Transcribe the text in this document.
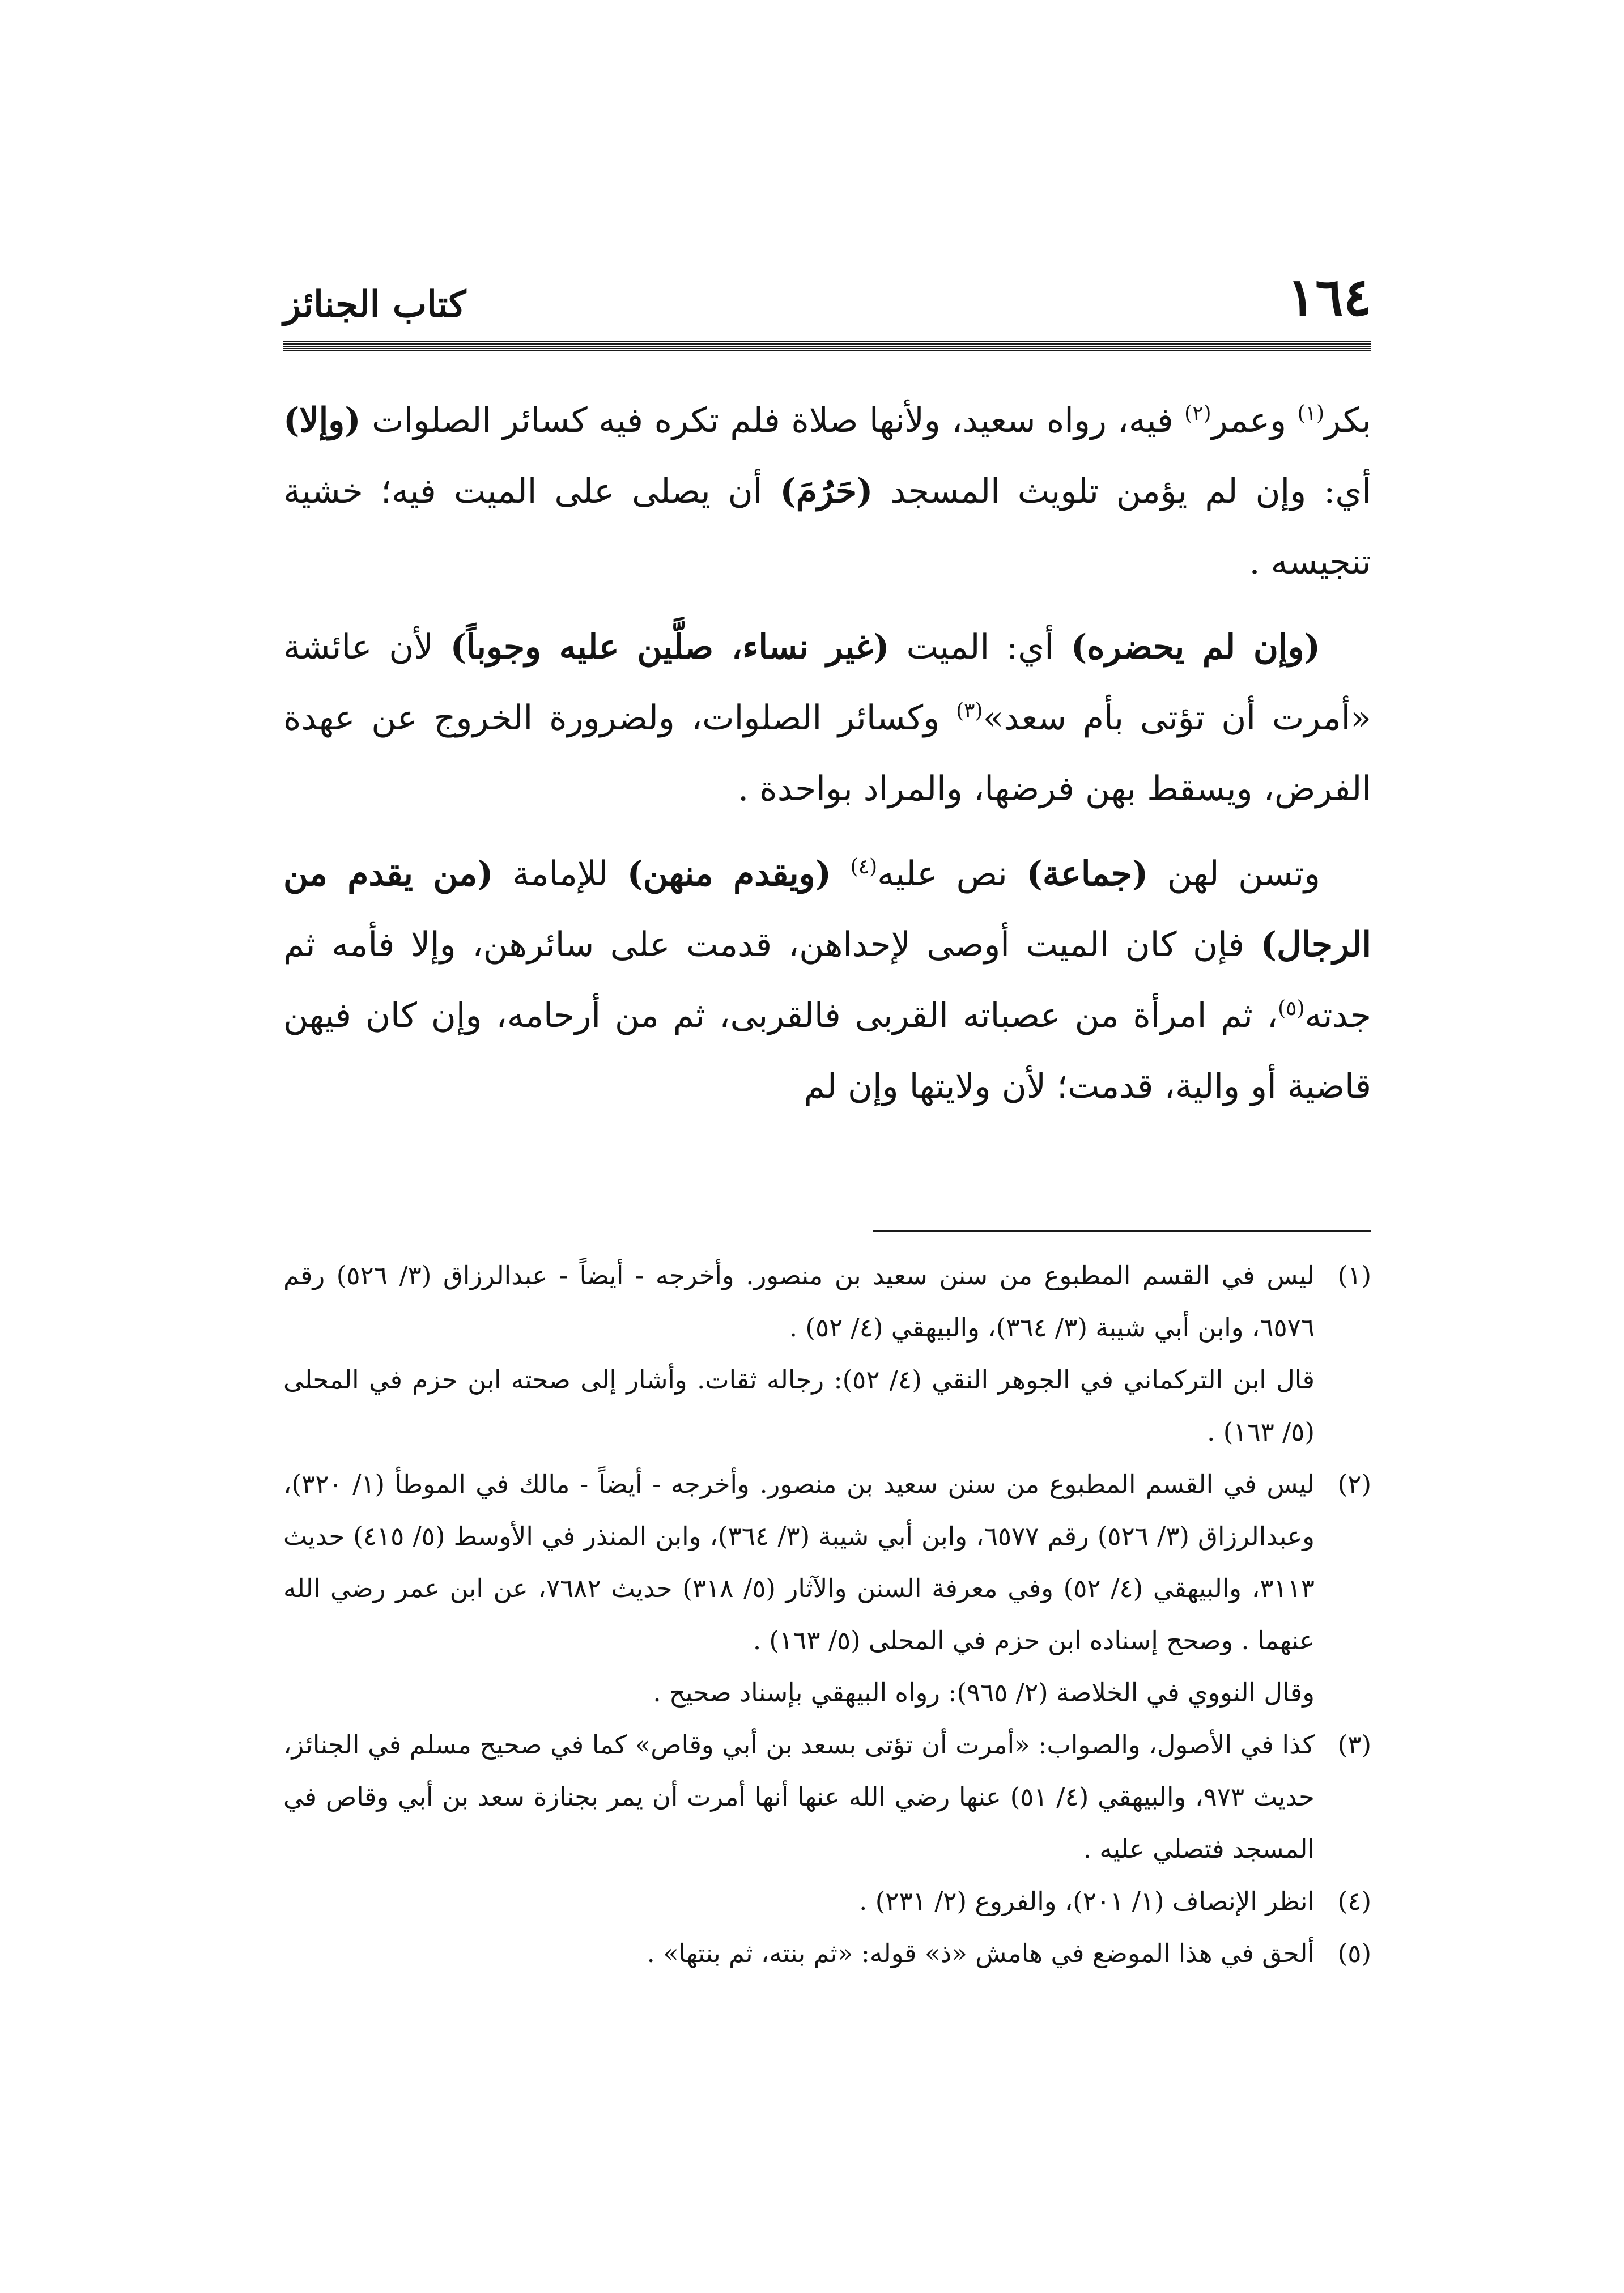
١٦٤
كتاب الجنائز

بكر$^{(١)}$ وعمر$^{(٢)}$ فيه، رواه سعيد، ولأنها صلاة فلم تكره فيه كسائر الصلوات (وإلا) أي: وإن لم يؤمن تلويث المسجد (حَرُمَ) أن يصلى على الميت فيه؛ خشية تنجيسه .

(وإن لم يحضره) أي: الميت (غير نساء، صلَّين عليه وجوباً) لأن عائشة «أمرت أن تؤتى بأم سعد»$^{(٣)}$ وكسائر الصلوات، ولضرورة الخروج عن عهدة الفرض، ويسقط بهن فرضها، والمراد بواحدة .

وتسن لهن (جماعة) نص عليه$^{(٤)}$ (ويقدم منهن) للإمامة (من يقدم من الرجال) فإن كان الميت أوصى لإحداهن، قدمت على سائرهن، وإلا فأمه ثم جدته$^{(٥)}$، ثم امرأة من عصباته القربى فالقربى، ثم من أرحامه، وإن كان فيهن قاضية أو والية، قدمت؛ لأن ولايتها وإن لم

(١)

ليس في القسم المطبوع من سنن سعيد بن منصور. وأخرجه - أيضاً - عبدالرزاق (٣/ ٥٢٦) رقم ٦٥٧٦، وابن أبي شيبة (٣/ ٣٦٤)، والبيهقي (٤/ ٥٢) .

قال ابن التركماني في الجوهر النقي (٤/ ٥٢): رجاله ثقات. وأشار إلى صحته ابن حزم في المحلى (٥/ ١٦٣) .

(٢)

ليس في القسم المطبوع من سنن سعيد بن منصور. وأخرجه - أيضاً - مالك في الموطأ (١/ ٣٢٠)، وعبدالرزاق (٣/ ٥٢٦) رقم ٦٥٧٧، وابن أبي شيبة (٣/ ٣٦٤)، وابن المنذر في الأوسط (٥/ ٤١٥) حديث ٣١١٣، والبيهقي (٤/ ٥٢) وفي معرفة السنن والآثار (٥/ ٣١٨) حديث ٧٦٨٢، عن ابن عمر رضي الله عنهما . وصحح إسناده ابن حزم في المحلى (٥/ ١٦٣) .

وقال النووي في الخلاصة (٢/ ٩٦٥): رواه البيهقي بإسناد صحيح .

(٣)

كذا في الأصول، والصواب: «أمرت أن تؤتى بسعد بن أبي وقاص» كما في صحيح مسلم في الجنائز، حديث ٩٧٣، والبيهقي (٤/ ٥١) عنها رضي الله عنها أنها أمرت أن يمر بجنازة سعد بن أبي وقاص في المسجد فتصلي عليه .

(٤)

انظر الإنصاف (١/ ٢٠١)، والفروع (٢/ ٢٣١) .

(٥)

ألحق في هذا الموضع في هامش «ذ» قوله: «ثم بنته، ثم بنتها» .
